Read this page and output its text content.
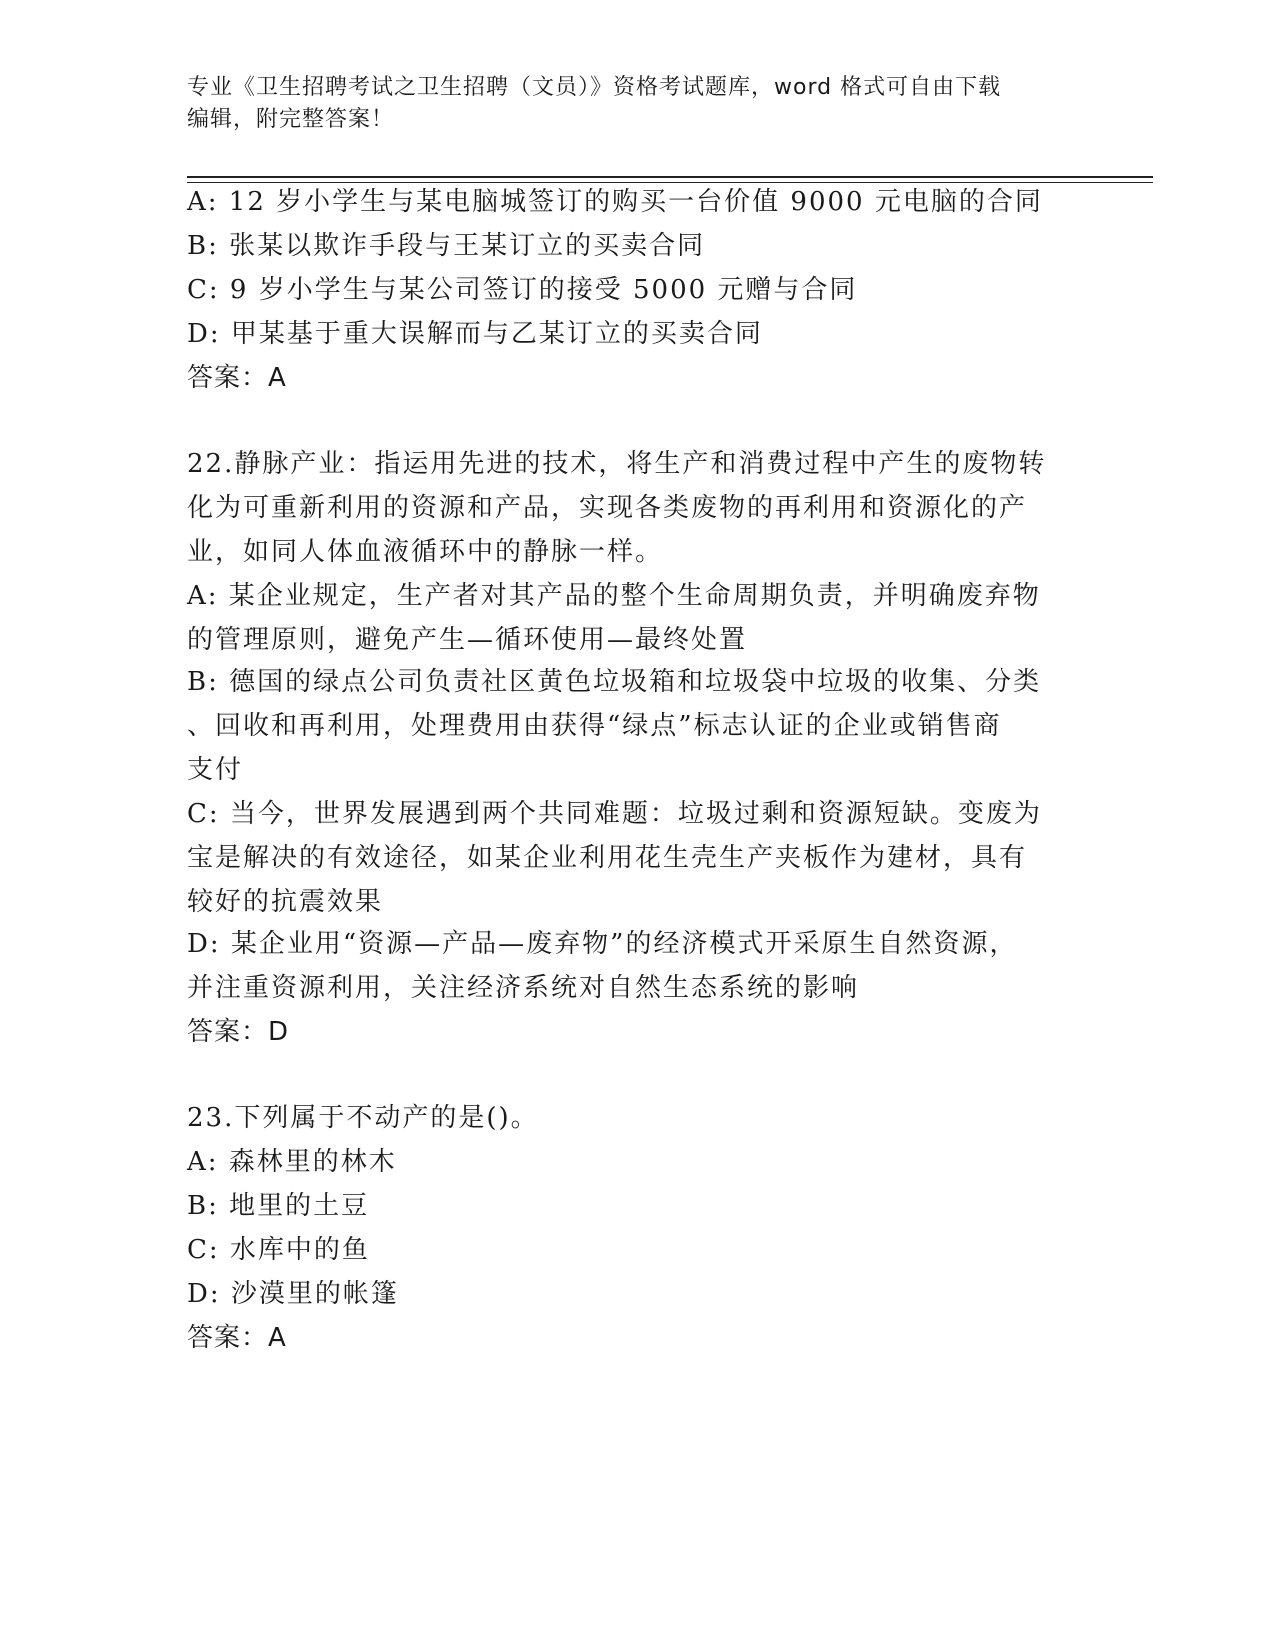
专业《卫生招聘考试之卫生招聘（文员）》资格考试题库，word 格式可自由下载
编辑，附完整答案！
A: 12 岁小学生与某电脑城签订的购买一台价值 9000 元电脑的合同
B: 张某以欺诈手段与王某订立的买卖合同
C: 9 岁小学生与某公司签订的接受 5000 元赠与合同
D: 甲某基于重大误解而与乙某订立的买卖合同
答案：A
22.静脉产业：指运用先进的技术，将生产和消费过程中产生的废物转
化为可重新利用的资源和产品，实现各类废物的再利用和资源化的产
业，如同人体血液循环中的静脉一样。
A: 某企业规定，生产者对其产品的整个生命周期负责，并明确废弃物
的管理原则，避免产生—循环使用—最终处置
B: 德国的绿点公司负责社区黄色垃圾箱和垃圾袋中垃圾的收集、分类
、回收和再利用，处理费用由获得“绿点”标志认证的企业或销售商
支付
C: 当今，世界发展遇到两个共同难题：垃圾过剩和资源短缺。变废为
宝是解决的有效途径，如某企业利用花生壳生产夹板作为建材，具有
较好的抗震效果
D: 某企业用“资源—产品—废弃物”的经济模式开采原生自然资源，
并注重资源利用，关注经济系统对自然生态系统的影响
答案：D
23.下列属于不动产的是()。
A: 森林里的林木
B: 地里的土豆
C: 水库中的鱼
D: 沙漠里的帐篷
答案：A
